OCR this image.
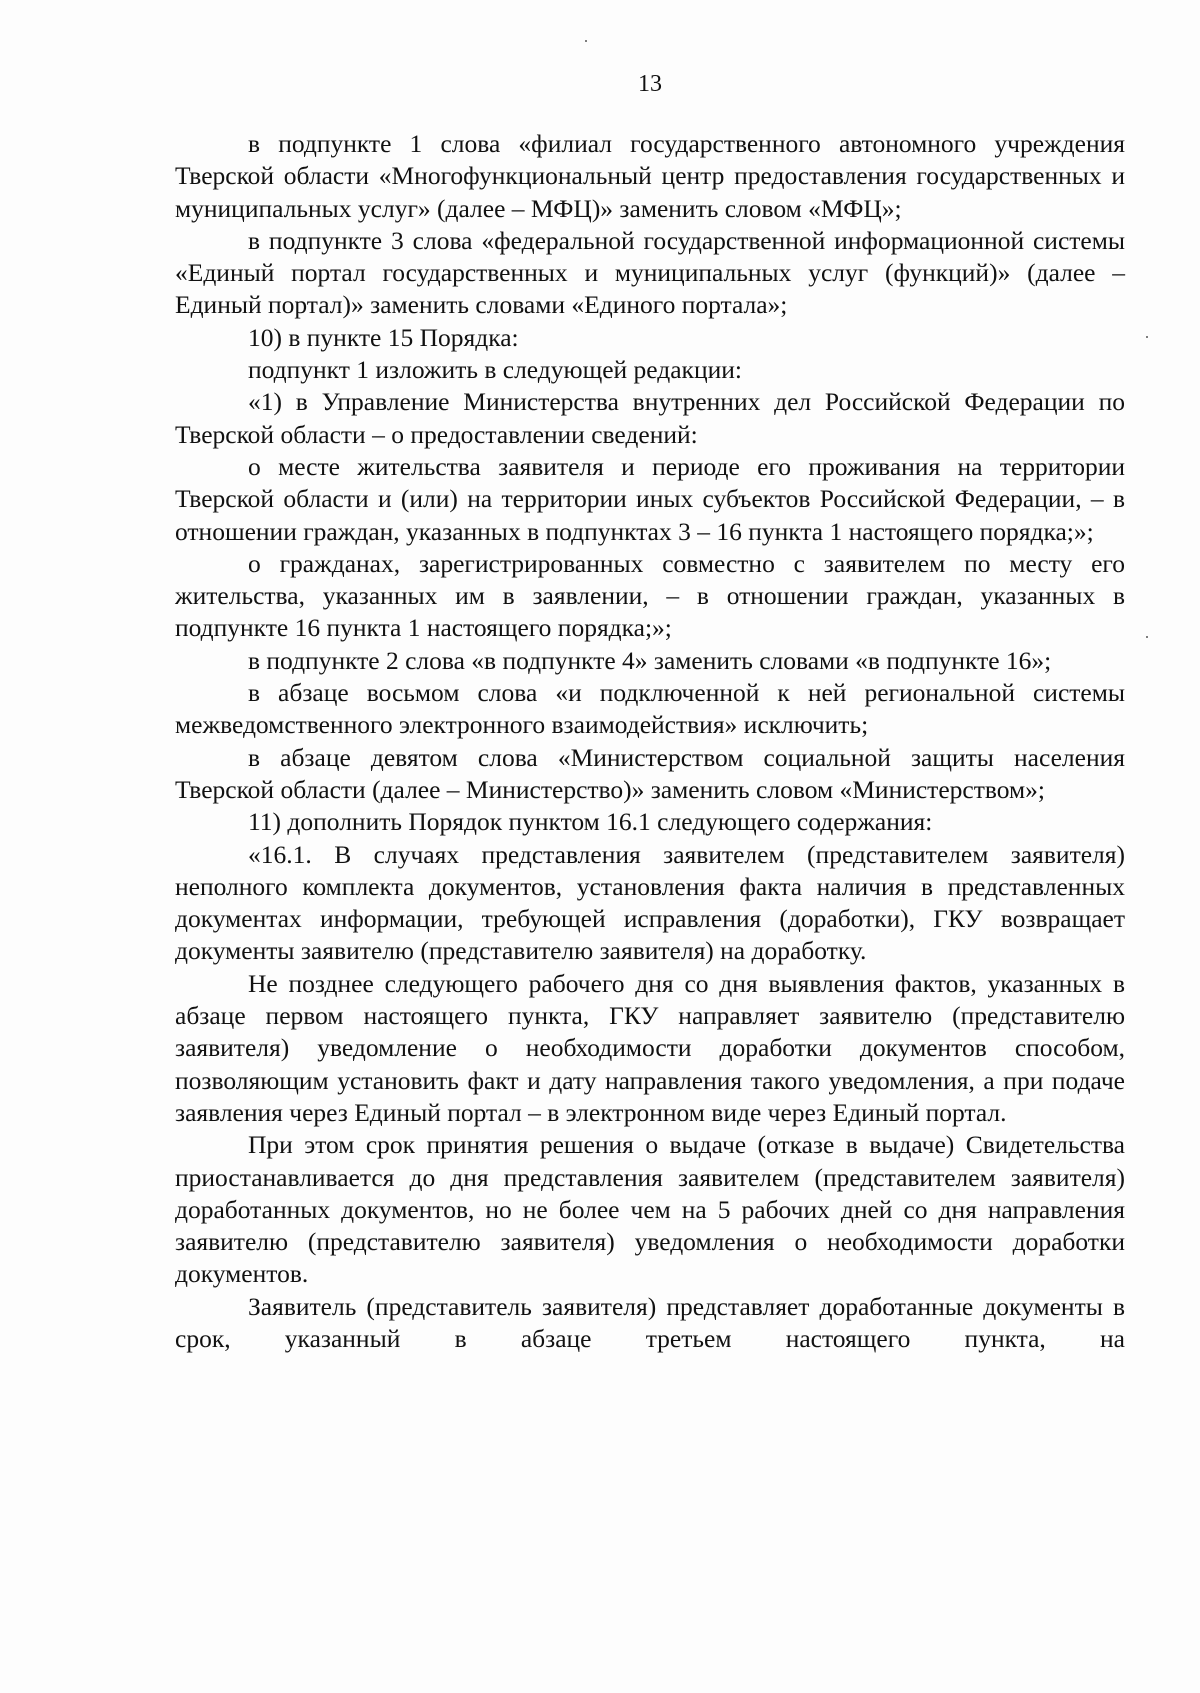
13

в подпункте 1 слова «филиал государственного автономного учреждения Тверской области «Многофункциональный центр предоставления государственных и муниципальных услуг» (далее – МФЦ)» заменить словом «МФЦ»;

в подпункте 3 слова «федеральной государственной информационной системы «Единый портал государственных и муниципальных услуг (функций)» (далее – Единый портал)» заменить словами «Единого портала»;

10) в пункте 15 Порядка:

подпункт 1 изложить в следующей редакции:

«1) в Управление Министерства внутренних дел Российской Федерации по Тверской области – о предоставлении сведений:

о месте жительства заявителя и периоде его проживания на территории Тверской области и (или) на территории иных субъектов Российской Федерации, – в отношении граждан, указанных в подпунктах 3 – 16 пункта 1 настоящего порядка;»;

о гражданах, зарегистрированных совместно с заявителем по месту его жительства, указанных им в заявлении, – в отношении граждан, указанных в подпункте 16 пункта 1 настоящего порядка;»;

в подпункте 2 слова «в подпункте 4» заменить словами «в подпункте 16»;

в абзаце восьмом слова «и подключенной к ней региональной системы межведомственного электронного взаимодействия» исключить;

в абзаце девятом слова «Министерством социальной защиты населения Тверской области (далее – Министерство)» заменить словом «Министерством»;

11) дополнить Порядок пунктом 16.1 следующего содержания:

«16.1. В случаях представления заявителем (представителем заявителя) неполного комплекта документов, установления факта наличия в представленных документах информации, требующей исправления (доработки), ГКУ возвращает документы заявителю (представителю заявителя) на доработку.

Не позднее следующего рабочего дня со дня выявления фактов, указанных в абзаце первом настоящего пункта, ГКУ направляет заявителю (представителю заявителя) уведомление о необходимости доработки документов способом, позволяющим установить факт и дату направления такого уведомления, а при подаче заявления через Единый портал – в электронном виде через Единый портал.

При этом срок принятия решения о выдаче (отказе в выдаче) Свидетельства приостанавливается до дня представления заявителем (представителем заявителя) доработанных документов, но не более чем на 5 рабочих дней со дня направления заявителю (представителю заявителя) уведомления о необходимости доработки документов.

Заявитель (представитель заявителя) представляет доработанные документы в срок, указанный в абзаце третьем настоящего пункта, на
